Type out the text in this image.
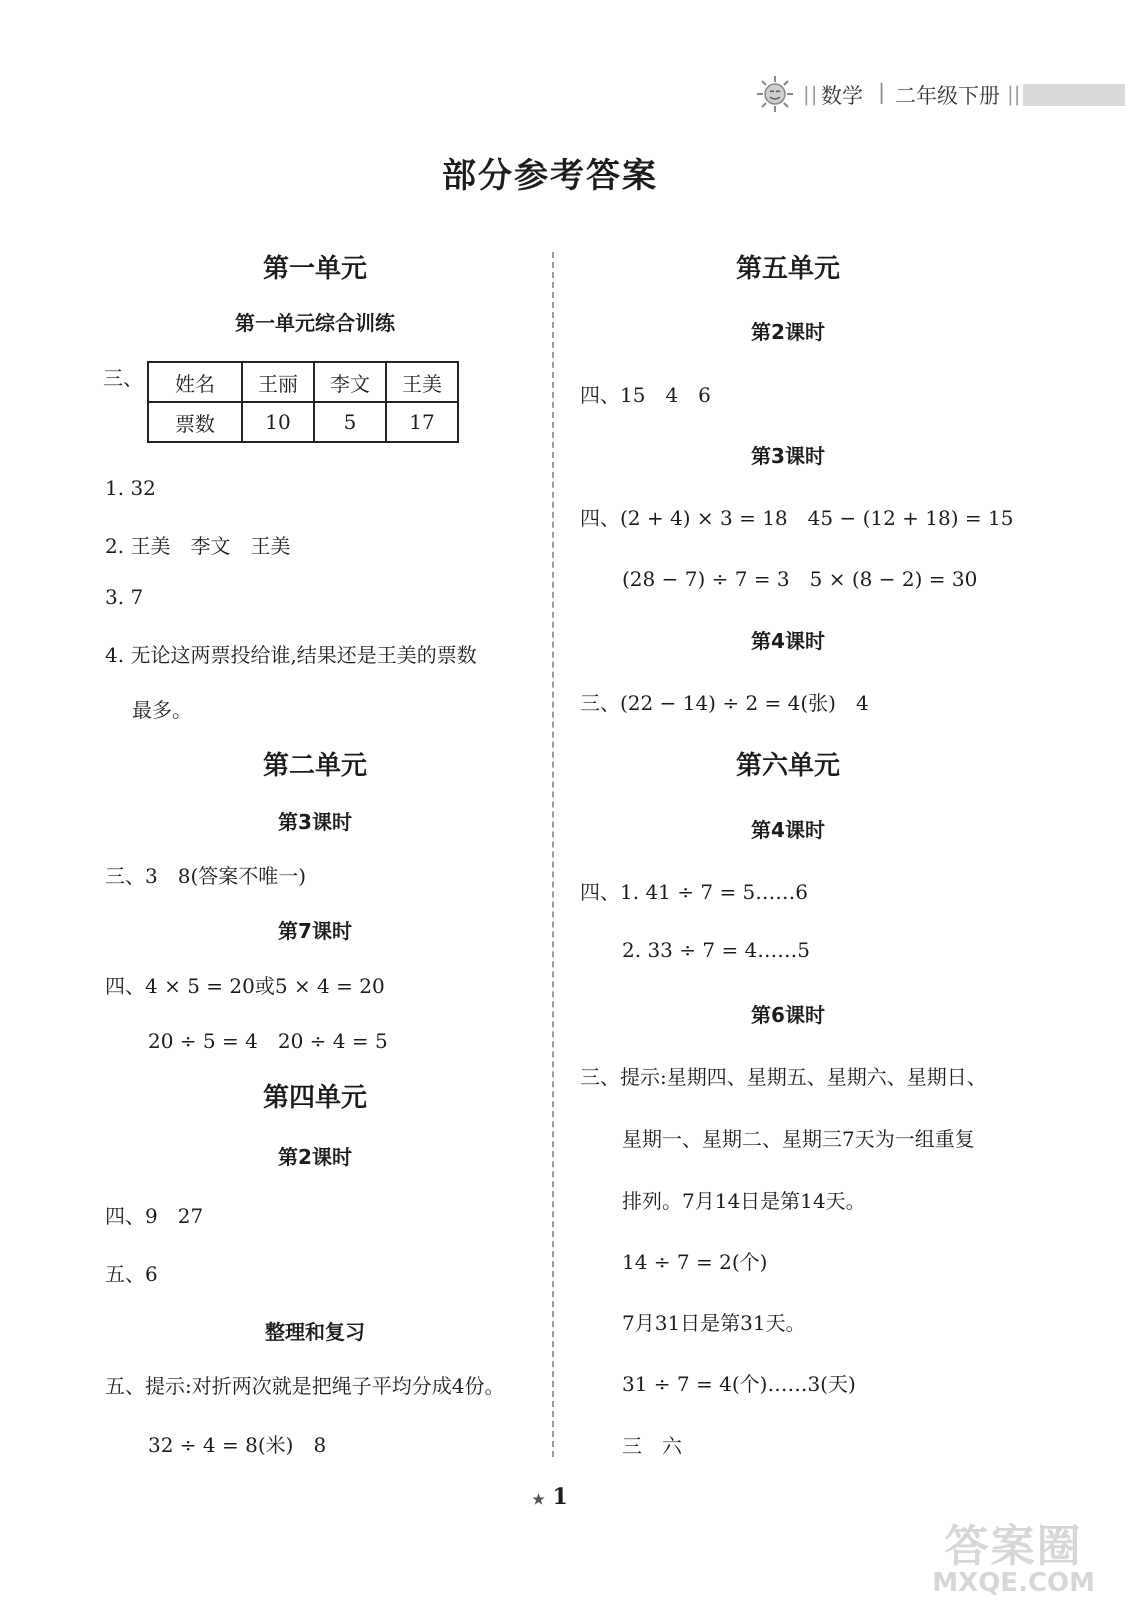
|| 数学 | 二年级下册 ||
部分参考答案
第一单元
第一单元综合训练
三、 姓名	王丽	李文	王美
票数	10	5	17
1. 32
2. 王美　李文　王美
3. 7
4. 无论这两票投给谁,结果还是王美的票数
最多。
第二单元
第3课时
三、3　8(答案不唯一)
第7课时
四、4 × 5 = 20或5 × 4 = 20
20 ÷ 5 = 4　20 ÷ 4 = 5
第四单元
第2课时
四、9　27
五、6
整理和复习
五、提示:对折两次就是把绳子平均分成4份。
32 ÷ 4 = 8(米)　8
第五单元
第2课时
四、15　4　6
第3课时
四、(2 + 4) × 3 = 18　45 − (12 + 18) = 15
(28 − 7) ÷ 7 = 3　5 × (8 − 2) = 30
第4课时
三、(22 − 14) ÷ 2 = 4(张)　4
第六单元
第4课时
四、1. 41 ÷ 7 = 5……6
2. 33 ÷ 7 = 4……5
第6课时
三、提示:星期四、星期五、星期六、星期日、
星期一、星期二、星期三7天为一组重复
排列。7月14日是第14天。
14 ÷ 7 = 2(个)
7月31日是第31天。
31 ÷ 7 = 4(个)……3(天)
三　六
★ 1
答案圈
MXQE.COM
